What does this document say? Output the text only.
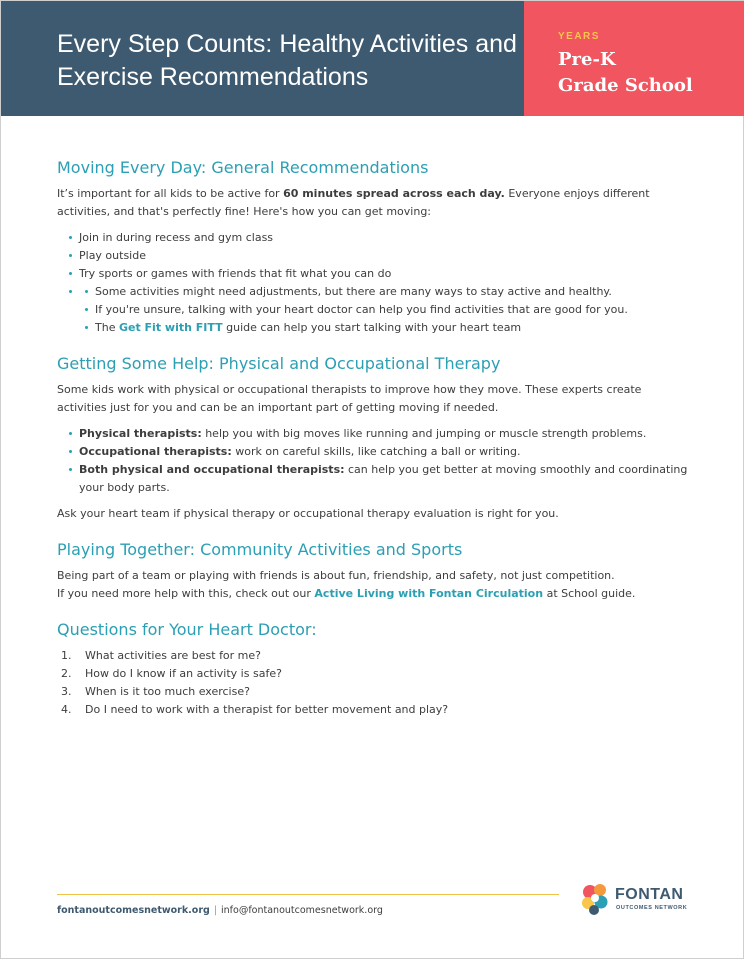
Every Step Counts: Healthy Activities and Exercise Recommendations
YEARS
Pre-K
Grade School
Moving Every Day: General Recommendations

It’s important for all kids to be active for 60 minutes spread across each day. Everyone enjoys different activities, and that's perfectly fine! Here's how you can get moving:

Join in during recess and gym class
Play outside
Try sports or games with friends that fit what you can do
Some activities might need adjustments, but there are many ways to stay active and healthy.
If you're unsure, talking with your heart doctor can help you find activities that are good for you.
The Get Fit with FITT guide can help you start talking with your heart team
Getting Some Help: Physical and Occupational Therapy

Some kids work with physical or occupational therapists to improve how they move. These experts create activities just for you and can be an important part of getting moving if needed.

Physical therapists: help you with big moves like running and jumping or muscle strength problems.
Occupational therapists: work on careful skills, like catching a ball or writing.
Both physical and occupational therapists: can help you get better at moving smoothly and coordinating your body parts.

Ask your heart team if physical therapy or occupational therapy evaluation is right for you.

Playing Together: Community Activities and Sports

Being part of a team or playing with friends is about fun, friendship, and safety, not just competition.
If you need more help with this, check out our Active Living with Fontan Circulation at School guide.

Questions for Your Heart Doctor:
1. What activities are best for me?
2. How do I know if an activity is safe?
3. When is it too much exercise?
4. Do I need to work with a therapist for better movement and play?
fontanoutcomesnetwork.org | info@fontanoutcomesnetwork.org
FONTAN
OUTCOMES NETWORK
